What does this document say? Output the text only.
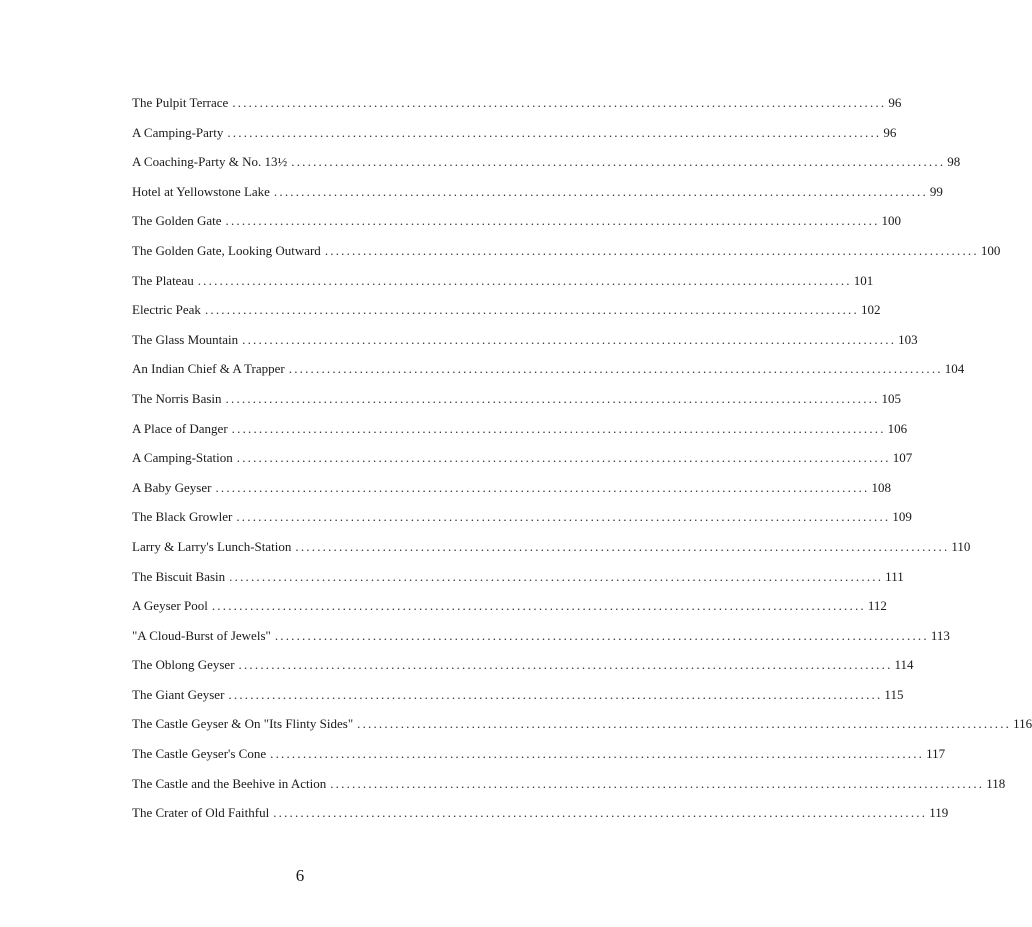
The Pulpit Terrace ........................................................................................................................ 96
A Camping-Party ........................................................................................................................ 96
A Coaching-Party & No. 13½ ........................................................................................................................ 98
Hotel at Yellowstone Lake ........................................................................................................................ 99
The Golden Gate ........................................................................................................................ 100
The Golden Gate, Looking Outward ........................................................................................................................ 100
The Plateau ........................................................................................................................ 101
Electric Peak ........................................................................................................................ 102
The Glass Mountain ........................................................................................................................ 103
An Indian Chief & A Trapper ........................................................................................................................ 104
The Norris Basin ........................................................................................................................ 105
A Place of Danger ........................................................................................................................ 106
A Camping-Station ........................................................................................................................ 107
A Baby Geyser ........................................................................................................................ 108
The Black Growler ........................................................................................................................ 109
Larry & Larry's Lunch-Station ........................................................................................................................ 110
The Biscuit Basin ........................................................................................................................ 111
A Geyser Pool ........................................................................................................................ 112
"A Cloud-Burst of Jewels" ........................................................................................................................ 113
The Oblong Geyser ........................................................................................................................ 114
The Giant Geyser ........................................................................................................................ 115
The Castle Geyser & On "Its Flinty Sides" ........................................................................................................................ 116
The Castle Geyser's Cone ........................................................................................................................ 117
The Castle and the Beehive in Action ........................................................................................................................ 118
The Crater of Old Faithful ........................................................................................................................ 119
6
